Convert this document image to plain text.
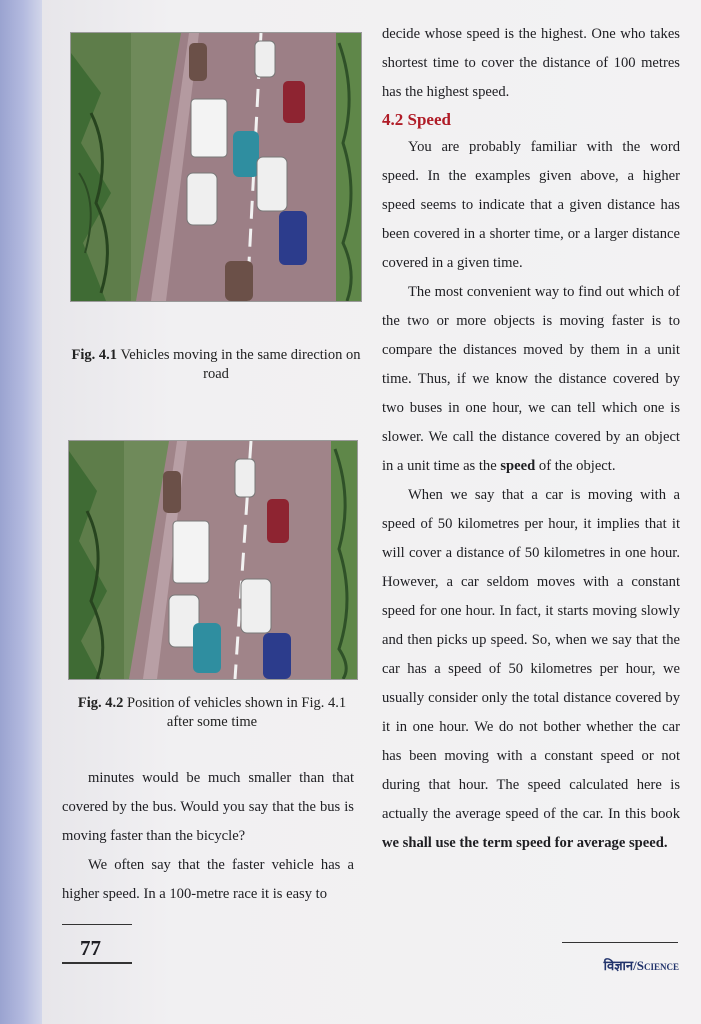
Fig. 4.1 Vehicles moving in the same direction on road
Fig. 4.2 Position of vehicles shown in Fig. 4.1 after some time

minutes would be much smaller than that covered by the bus. Would you say that the bus is moving faster than the bicycle?

We often say that the faster vehicle has a higher speed. In a 100-metre race it is easy to

decide whose speed is the highest. One who takes shortest time to cover the distance of 100 metres has the highest speed.

4.2 Speed

You are probably familiar with the word speed. In the examples given above, a higher speed seems to indicate that a given distance has been covered in a shorter time, or a larger distance covered in a given time.

The most convenient way to find out which of the two or more objects is moving faster is to compare the distances moved by them in a unit time. Thus, if we know the distance covered by two buses in one hour, we can tell which one is slower. We call the distance covered by an object in a unit time as the speed of the object.

When we say that a car is moving with a speed of 50 kilometres per hour, it implies that it will cover a distance of 50 kilometres in one hour. However, a car seldom moves with a constant speed for one hour. In fact, it starts moving slowly and then picks up speed. So, when we say that the car has a speed of 50 kilometres per hour, we usually consider only the total distance covered by it in one hour. We do not bother whether the car has been moving with a constant speed or not during that hour. The speed calculated here is actually the average speed of the car. In this book we shall use the term speed for average speed.

77
विज्ञान/Science
